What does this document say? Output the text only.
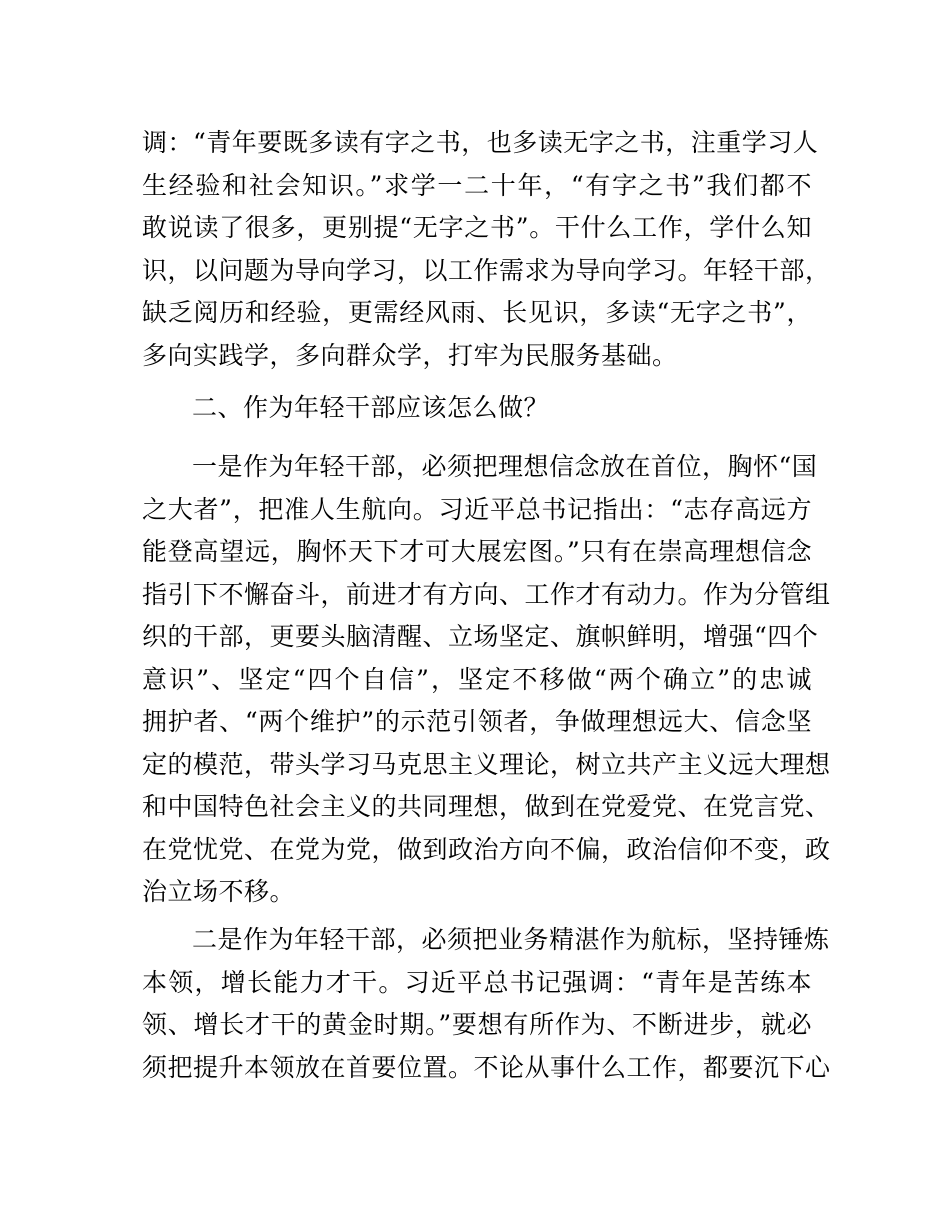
调：“青年要既多读有字之书，也多读无字之书，注重学习人
生经验和社会知识。”求学一二十年，“有字之书”我们都不
敢说读了很多，更别提“无字之书”。干什么工作，学什么知
识，以问题为导向学习，以工作需求为导向学习。年轻干部，
缺乏阅历和经验，更需经风雨、长见识，多读“无字之书”，
多向实践学，多向群众学，打牢为民服务基础。
二、作为年轻干部应该怎么做？
一是作为年轻干部，必须把理想信念放在首位，胸怀“国
之大者”，把准人生航向。习近平总书记指出：“志存高远方
能登高望远，胸怀天下才可大展宏图。”只有在崇高理想信念
指引下不懈奋斗，前进才有方向、工作才有动力。作为分管组
织的干部，更要头脑清醒、立场坚定、旗帜鲜明，增强“四个
意识”、坚定“四个自信”，坚定不移做“两个确立”的忠诚
拥护者、“两个维护”的示范引领者，争做理想远大、信念坚
定的模范，带头学习马克思主义理论，树立共产主义远大理想
和中国特色社会主义的共同理想，做到在党爱党、在党言党、
在党忧党、在党为党，做到政治方向不偏，政治信仰不变，政
治立场不移。
二是作为年轻干部，必须把业务精湛作为航标，坚持锤炼
本领，增长能力才干。习近平总书记强调：“青年是苦练本
领、增长才干的黄金时期。”要想有所作为、不断进步，就必
须把提升本领放在首要位置。不论从事什么工作，都要沉下心
